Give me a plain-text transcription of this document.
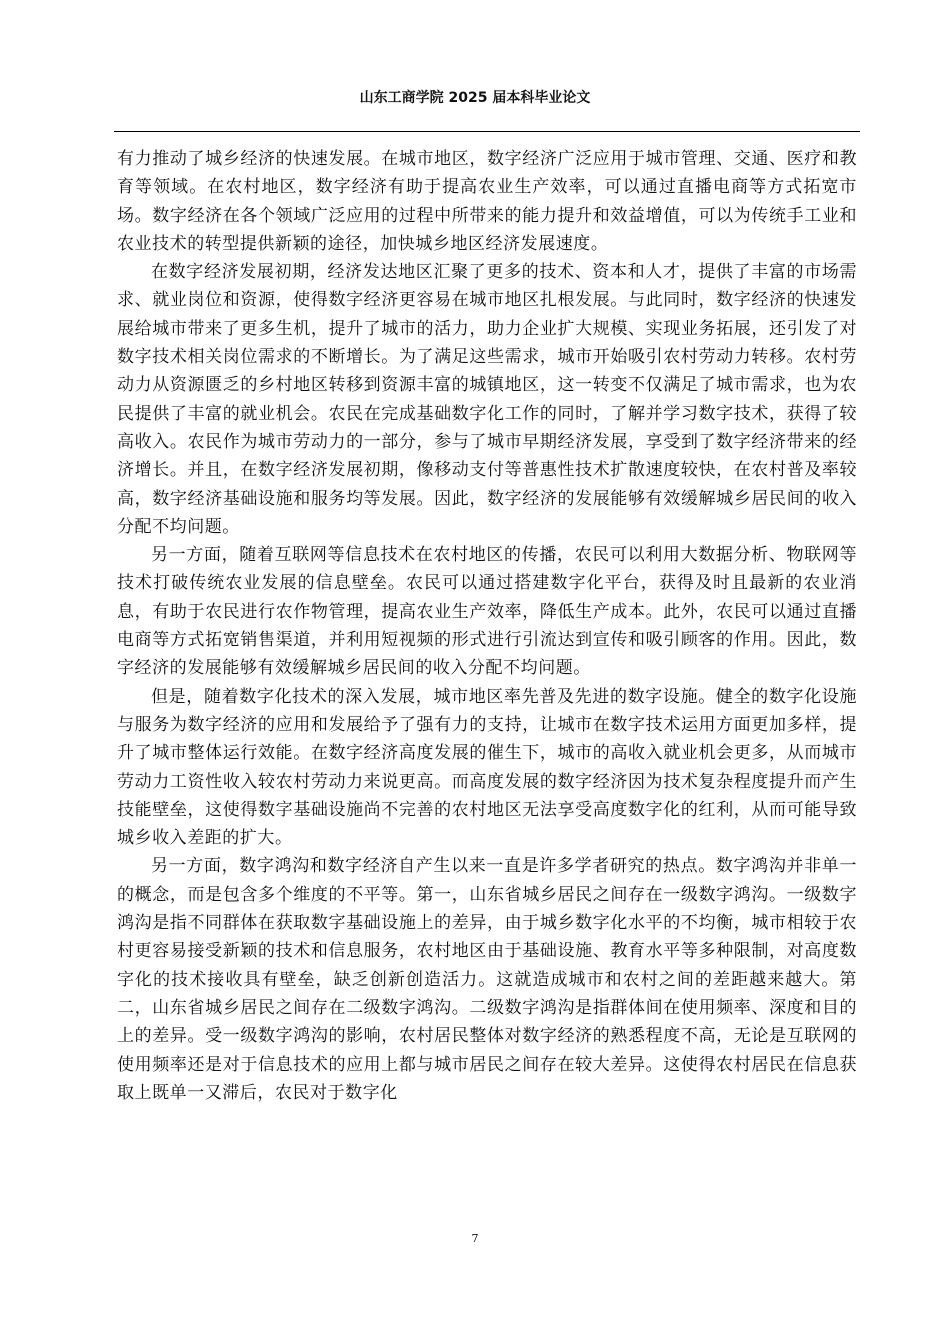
山东工商学院 2025 届本科毕业论文

有力推动了城乡经济的快速发展。在城市地区，数字经济广泛应用于城市管理、交通、医疗和教育等领域。在农村地区，数字经济有助于提高农业生产效率，可以通过直播电商等方式拓宽市场。数字经济在各个领域广泛应用的过程中所带来的能力提升和效益增值，可以为传统手工业和农业技术的转型提供新颖的途径，加快城乡地区经济发展速度。

在数字经济发展初期，经济发达地区汇聚了更多的技术、资本和人才，提供了丰富的市场需求、就业岗位和资源，使得数字经济更容易在城市地区扎根发展。与此同时，数字经济的快速发展给城市带来了更多生机，提升了城市的活力，助力企业扩大规模、实现业务拓展，还引发了对数字技术相关岗位需求的不断增长。为了满足这些需求，城市开始吸引农村劳动力转移。农村劳动力从资源匮乏的乡村地区转移到资源丰富的城镇地区，这一转变不仅满足了城市需求，也为农民提供了丰富的就业机会。农民在完成基础数字化工作的同时，了解并学习数字技术，获得了较高收入。农民作为城市劳动力的一部分，参与了城市早期经济发展，享受到了数字经济带来的经济增长。并且，在数字经济发展初期，像移动支付等普惠性技术扩散速度较快，在农村普及率较高，数字经济基础设施和服务均等发展。因此，数字经济的发展能够有效缓解城乡居民间的收入分配不均问题。

另一方面，随着互联网等信息技术在农村地区的传播，农民可以利用大数据分析、物联网等技术打破传统农业发展的信息壁垒。农民可以通过搭建数字化平台，获得及时且最新的农业消息，有助于农民进行农作物管理，提高农业生产效率，降低生产成本。此外，农民可以通过直播电商等方式拓宽销售渠道，并利用短视频的形式进行引流达到宣传和吸引顾客的作用。因此，数字经济的发展能够有效缓解城乡居民间的收入分配不均问题。

但是，随着数字化技术的深入发展，城市地区率先普及先进的数字设施。健全的数字化设施与服务为数字经济的应用和发展给予了强有力的支持，让城市在数字技术运用方面更加多样，提升了城市整体运行效能。在数字经济高度发展的催生下，城市的高收入就业机会更多，从而城市劳动力工资性收入较农村劳动力来说更高。而高度发展的数字经济因为技术复杂程度提升而产生技能壁垒，这使得数字基础设施尚不完善的农村地区无法享受高度数字化的红利，从而可能导致城乡收入差距的扩大。

另一方面，数字鸿沟和数字经济自产生以来一直是许多学者研究的热点。数字鸿沟并非单一的概念，而是包含多个维度的不平等。第一，山东省城乡居民之间存在一级数字鸿沟。一级数字鸿沟是指不同群体在获取数字基础设施上的差异，由于城乡数字化水平的不均衡，城市相较于农村更容易接受新颖的技术和信息服务，农村地区由于基础设施、教育水平等多种限制，对高度数字化的技术接收具有壁垒，缺乏创新创造活力。这就造成城市和农村之间的差距越来越大。第二，山东省城乡居民之间存在二级数字鸿沟。二级数字鸿沟是指群体间在使用频率、深度和目的上的差异。受一级数字鸿沟的影响，农村居民整体对数字经济的熟悉程度不高，无论是互联网的使用频率还是对于信息技术的应用上都与城市居民之间存在较大差异。这使得农村居民在信息获取上既单一又滞后，农民对于数字化

7
